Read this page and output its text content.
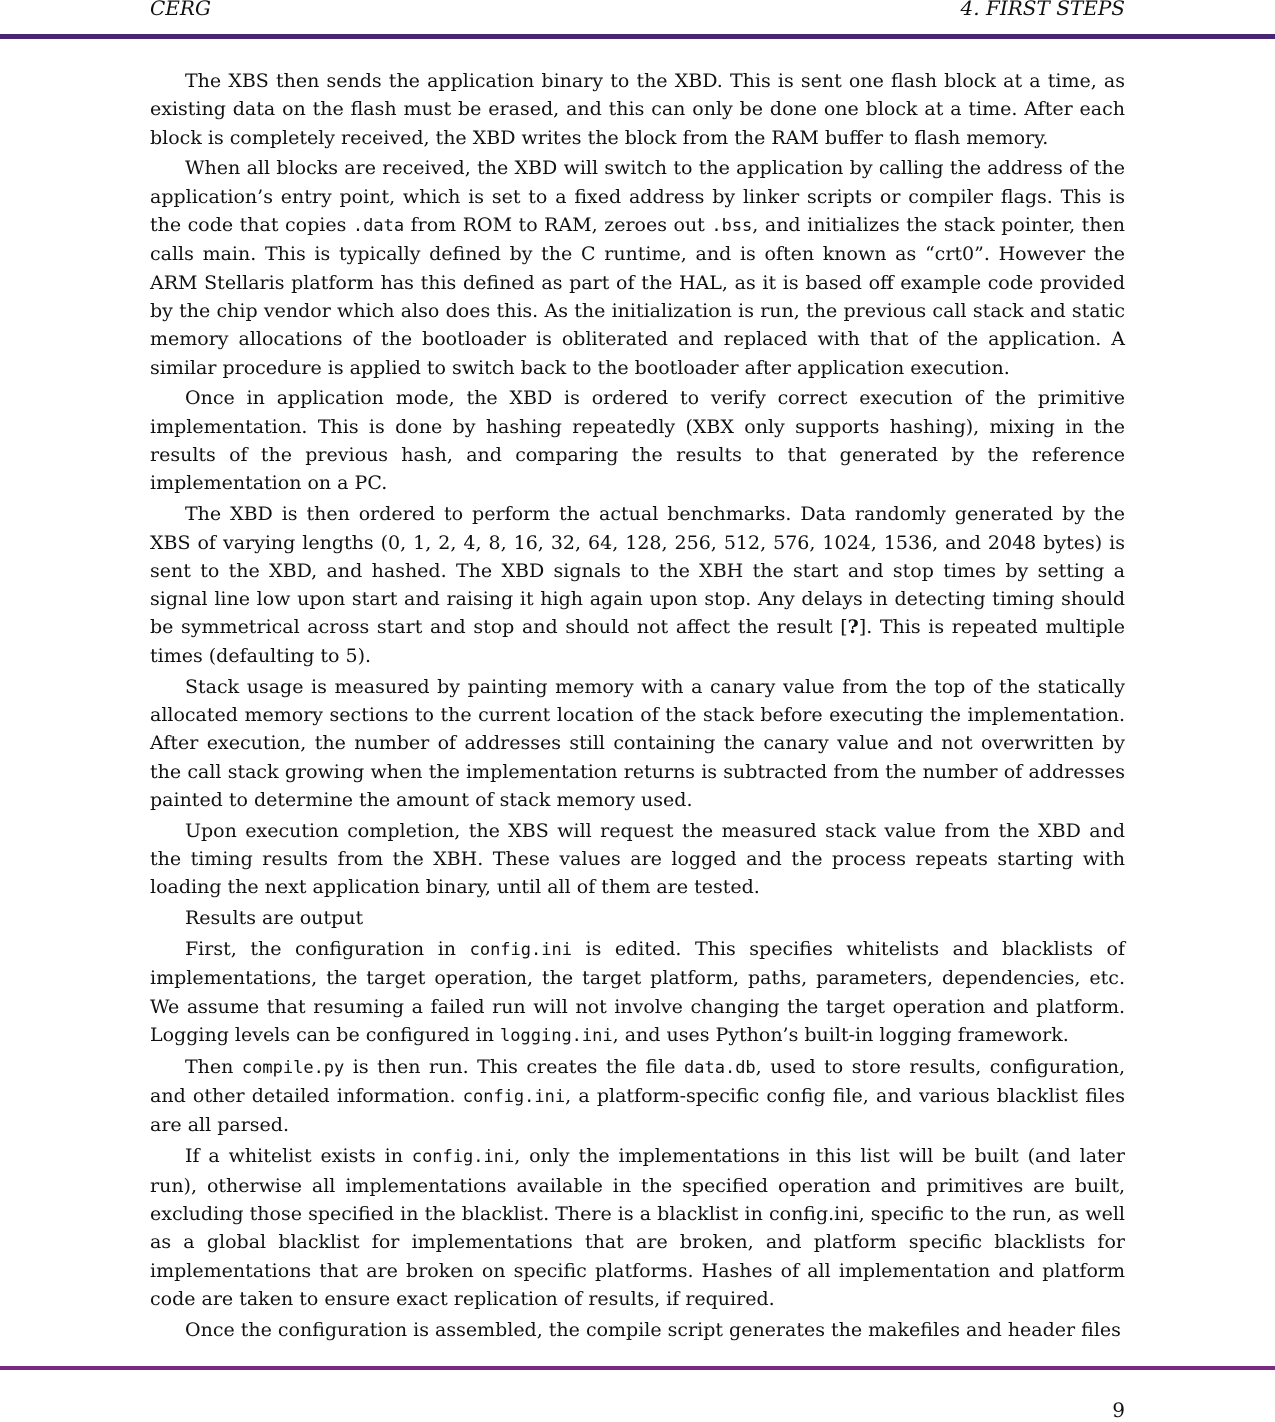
CERG	4. FIRST STEPS

The XBS then sends the application binary to the XBD. This is sent one flash block at a time, as existing data on the flash must be erased, and this can only be done one block at a time. After each block is completely received, the XBD writes the block from the RAM buffer to flash memory.

When all blocks are received, the XBD will switch to the application by calling the address of the application’s entry point, which is set to a fixed address by linker scripts or compiler flags. This is the code that copies .data from ROM to RAM, zeroes out .bss, and initializes the stack pointer, then calls main. This is typically defined by the C runtime, and is often known as “crt0”. However the ARM Stellaris platform has this defined as part of the HAL, as it is based off example code provided by the chip vendor which also does this. As the initialization is run, the previous call stack and static memory allocations of the bootloader is obliterated and replaced with that of the application. A similar procedure is applied to switch back to the bootloader after application execution.

Once in application mode, the XBD is ordered to verify correct execution of the primitive implementation. This is done by hashing repeatedly (XBX only supports hashing), mixing in the results of the previous hash, and comparing the results to that generated by the reference implementation on a PC.

The XBD is then ordered to perform the actual benchmarks. Data randomly generated by the XBS of varying lengths (0, 1, 2, 4, 8, 16, 32, 64, 128, 256, 512, 576, 1024, 1536, and 2048 bytes) is sent to the XBD, and hashed. The XBD signals to the XBH the start and stop times by setting a signal line low upon start and raising it high again upon stop. Any delays in detecting timing should be symmetrical across start and stop and should not affect the result [?]. This is repeated multiple times (defaulting to 5).

Stack usage is measured by painting memory with a canary value from the top of the statically allocated memory sections to the current location of the stack before executing the implementation. After execution, the number of addresses still containing the canary value and not overwritten by the call stack growing when the implementation returns is subtracted from the number of addresses painted to determine the amount of stack memory used.

Upon execution completion, the XBS will request the measured stack value from the XBD and the timing results from the XBH. These values are logged and the process repeats starting with loading the next application binary, until all of them are tested.

Results are output

First, the configuration in config.ini is edited. This specifies whitelists and blacklists of implementations, the target operation, the target platform, paths, parameters, dependencies, etc. We assume that resuming a failed run will not involve changing the target operation and platform. Logging levels can be configured in logging.ini, and uses Python’s built-in logging framework.

Then compile.py is then run. This creates the file data.db, used to store results, configuration, and other detailed information. config.ini, a platform-specific config file, and various blacklist files are all parsed.

If a whitelist exists in config.ini, only the implementations in this list will be built (and later run), otherwise all implementations available in the specified operation and primitives are built, excluding those specified in the blacklist. There is a blacklist in config.ini, specific to the run, as well as a global blacklist for implementations that are broken, and platform specific blacklists for implementations that are broken on specific platforms. Hashes of all implementation and platform code are taken to ensure exact replication of results, if required.

Once the configuration is assembled, the compile script generates the makefiles and header files

9
